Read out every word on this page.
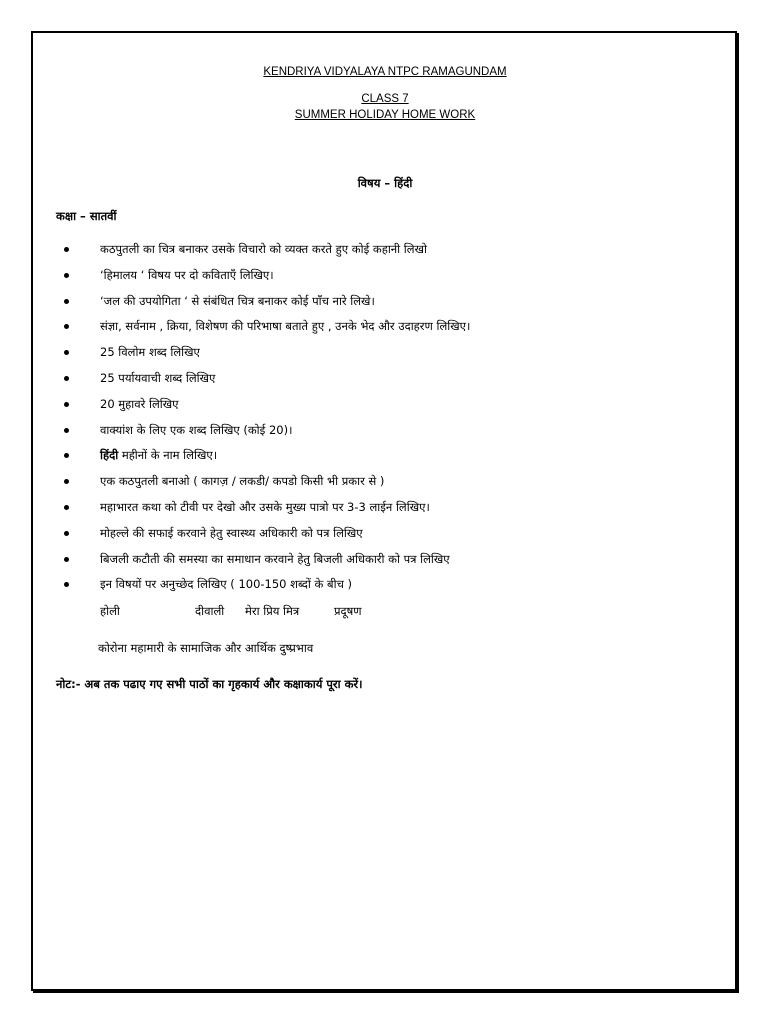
KENDRIYA VIDYALAYA NTPC RAMAGUNDAM
CLASS 7
SUMMER HOLIDAY HOME WORK
विषय – हिंदी
कक्षा – सातवीं
कठपुतली का चित्र बनाकर उसके विचारो को व्यक्त करते हुए कोई कहानी लिखो
‘हिमालय ‘ विषय पर दो कविताएँ लिखिए।
‘जल की उपयोगिता ‘ से संबंधित चित्र बनाकर कोई पाँच नारे लिखे।
संज्ञा, सर्वनाम , क्रिया, विशेषण की परिभाषा बताते हुए , उनके भेद और उदाहरण लिखिए।
25 विलोम शब्द लिखिए
25 पर्यायवाची शब्द लिखिए
20 मुहावरे लिखिए
वाक्यांश के लिए एक शब्द लिखिए (कोई 20)।
हिंदी महीनों के नाम लिखिए।
एक कठपुतली बनाओ ( कागज़ / लकडी/ कपडो किसी भी प्रकार से )
महाभारत कथा को टीवी पर देखो और उसके मुख्य पात्रो पर 3-3 लाईन लिखिए।
मोहल्ले की सफाई करवाने हेतु स्वास्थ्य अधिकारी को पत्र लिखिए
बिजली कटौती की समस्या का समाधान करवाने हेतु बिजली अधिकारी को पत्र लिखिए
इन विषयों पर अनुच्छेद लिखिए ( 100-150 शब्दों के बीच )
होली	दीवाली मेरा प्रिय मित्र	प्रदूषण
कोरोना महामारी के सामाजिक और आर्थिक दुष्प्रभाव
नोट:- अब तक पढाए गए सभी पाठों का गृहकार्य और कक्षाकार्य पूरा करें।
